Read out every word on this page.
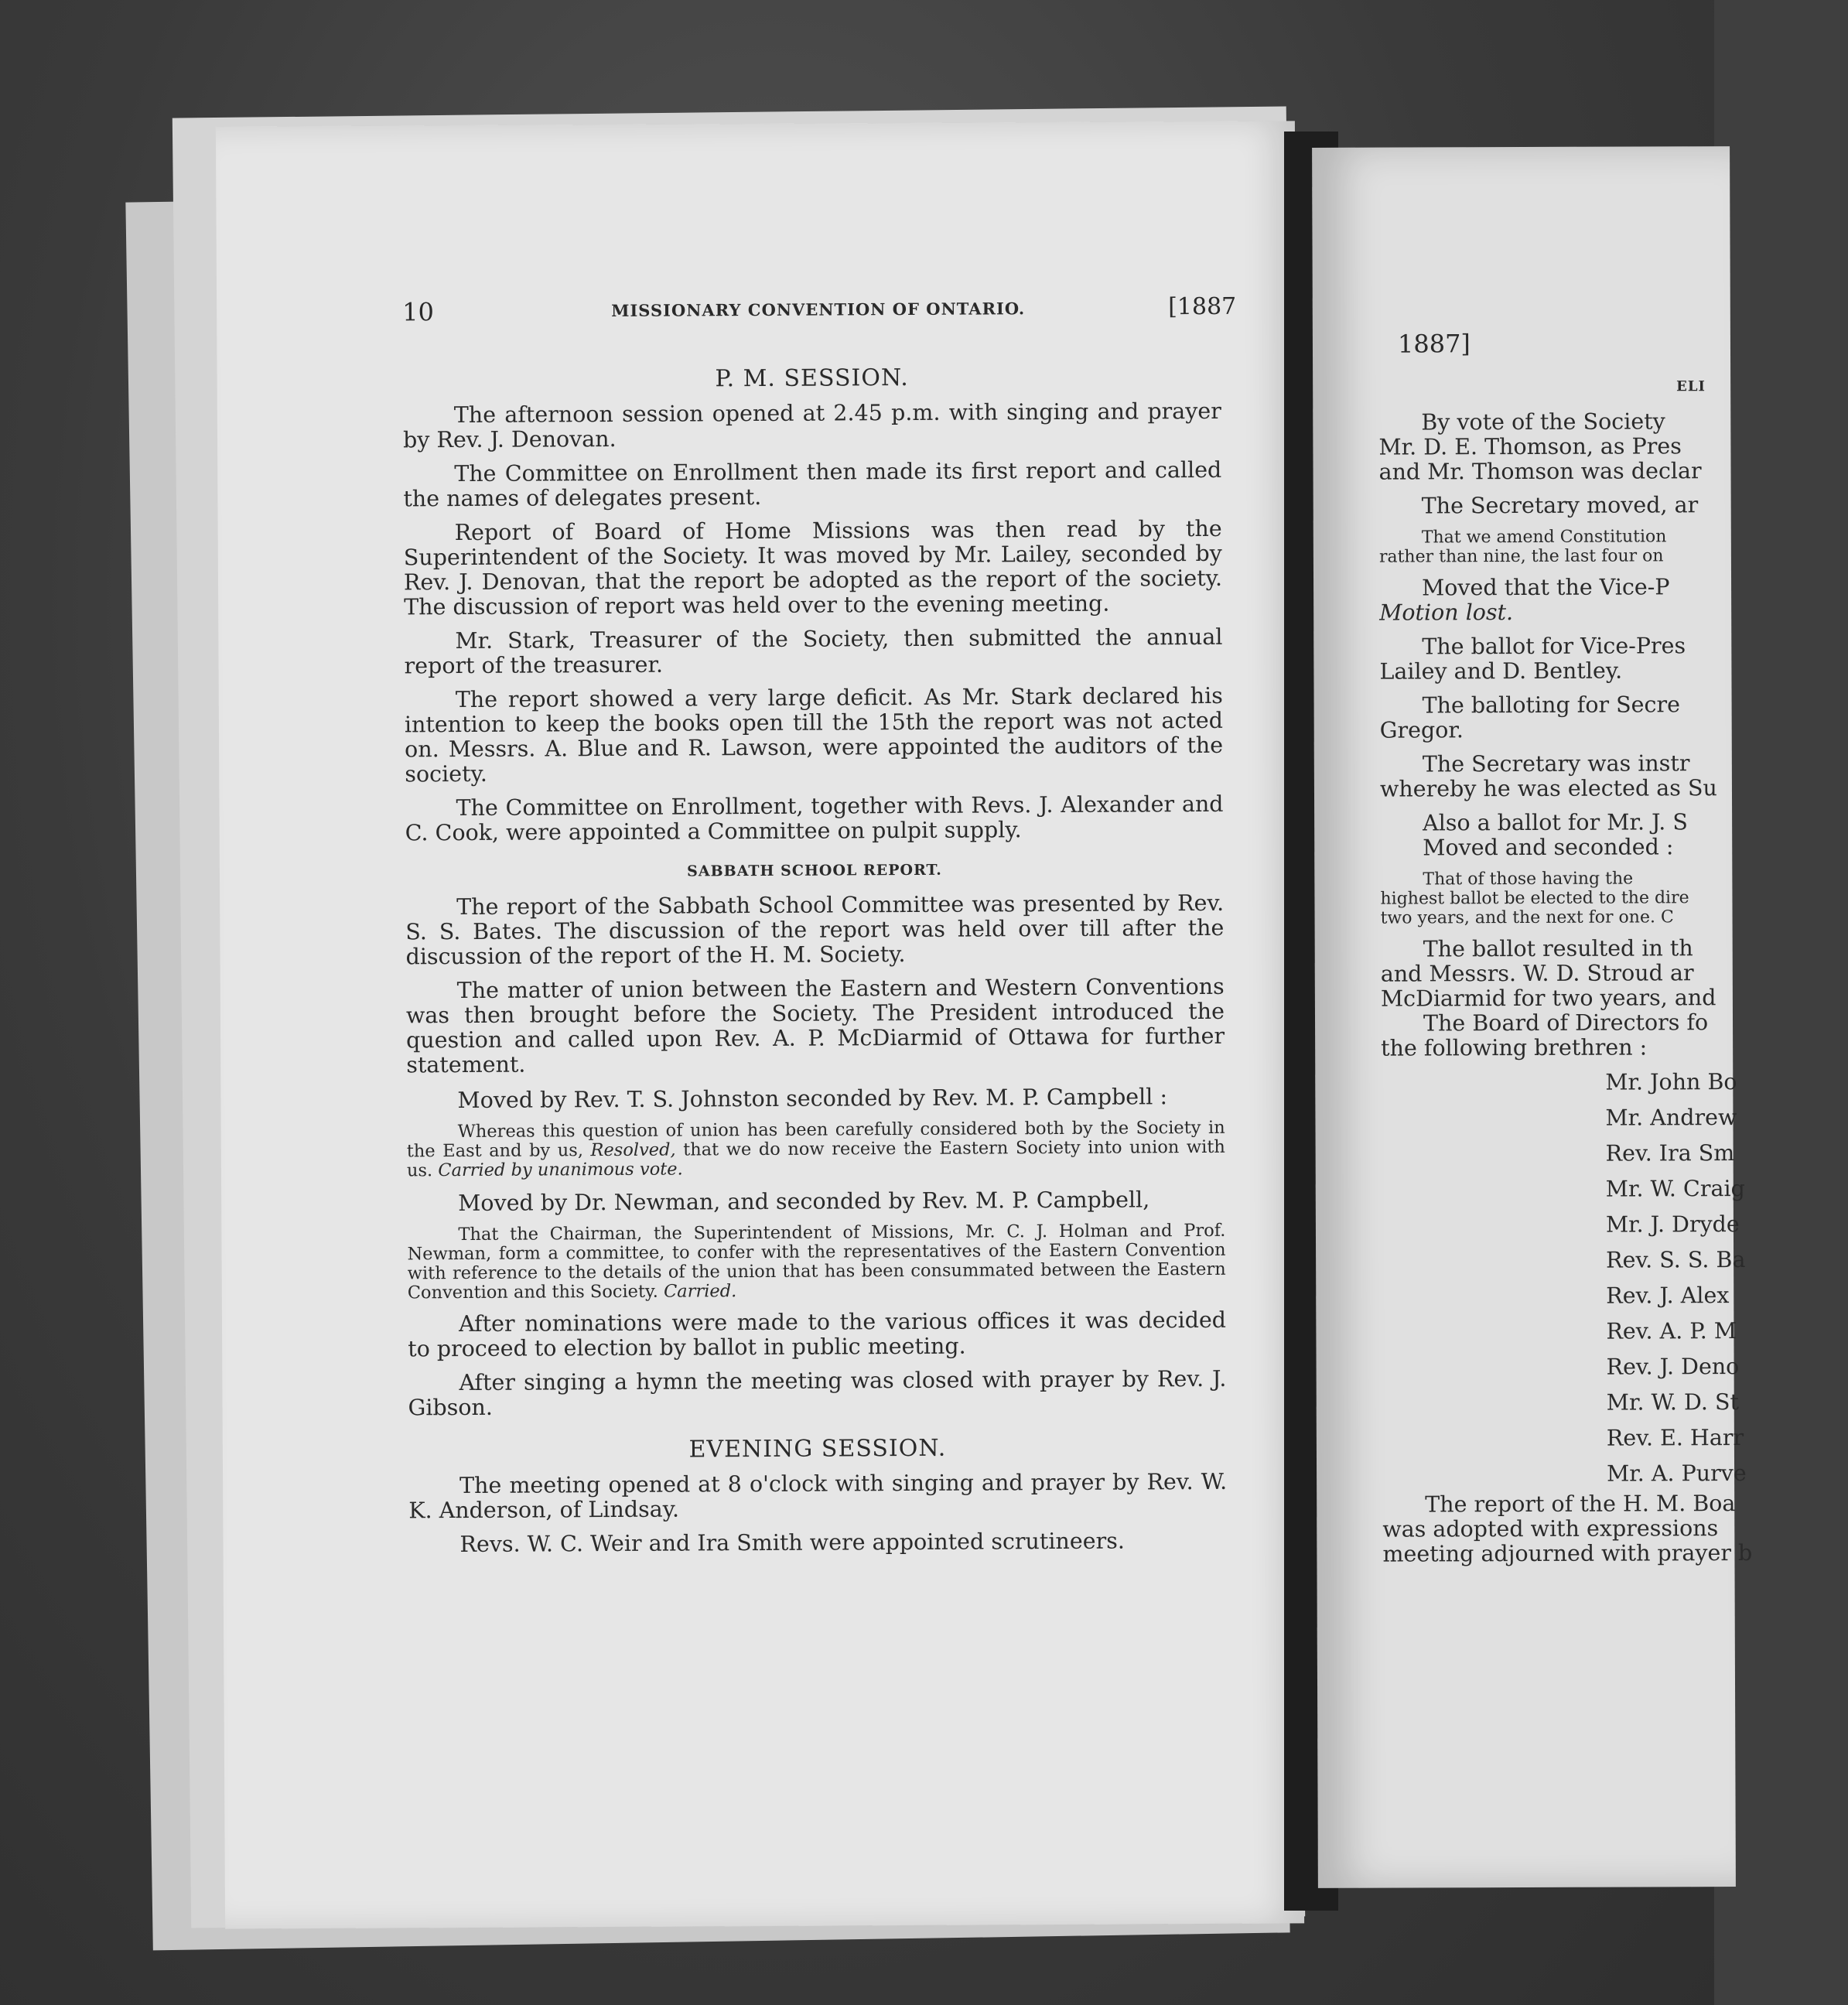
10	MISSIONARY CONVENTION OF ONTARIO.	[1887
P. M. SESSION.

The afternoon session opened at 2.45 p.m. with singing and prayer by Rev. J. Denovan.

The Committee on Enrollment then made its first report and called the names of delegates present.

Report of Board of Home Missions was then read by the Superintendent of the Society. It was moved by Mr. Lailey, seconded by Rev. J. Denovan, that the report be adopted as the report of the society. The discussion of report was held over to the evening meeting.

Mr. Stark, Treasurer of the Society, then submitted the annual report of the treasurer.

The report showed a very large deficit. As Mr. Stark declared his intention to keep the books open till the 15th the report was not acted on. Messrs. A. Blue and R. Lawson, were appointed the auditors of the society.

The Committee on Enrollment, together with Revs. J. Alexander and C. Cook, were appointed a Committee on pulpit supply.

SABBATH SCHOOL REPORT.

The report of the Sabbath School Committee was presented by Rev. S. S. Bates. The discussion of the report was held over till after the discussion of the report of the H. M. Society.

The matter of union between the Eastern and Western Conventions was then brought before the Society. The President introduced the question and called upon Rev. A. P. McDiarmid of Ottawa for further statement.

Moved by Rev. T. S. Johnston seconded by Rev. M. P. Campbell :

Whereas this question of union has been carefully considered both by the Society in the East and by us, Resolved, that we do now receive the Eastern Society into union with us. Carried by unanimous vote.

Moved by Dr. Newman, and seconded by Rev. M. P. Campbell,

That the Chairman, the Superintendent of Missions, Mr. C. J. Holman and Prof. Newman, form a committee, to confer with the representatives of the Eastern Convention with reference to the details of the union that has been consummated between the Eastern Convention and this Society. Carried.

After nominations were made to the various offices it was decided to proceed to election by ballot in public meeting.

After singing a hymn the meeting was closed with prayer by Rev. J. Gibson.

EVENING SESSION.

The meeting opened at 8 o'clock with singing and prayer by Rev. W. K. Anderson, of Lindsay.

Revs. W. C. Weir and Ira Smith were appointed scrutineers.

1887]
ELI

By vote of the Society

Mr. D. E. Thomson, as Pres

and Mr. Thomson was declar

The Secretary moved, ar

That we amend Constitution

rather than nine, the last four on

Moved that the Vice-P

Motion lost.

The ballot for Vice-Pres

Lailey and D. Bentley.

The balloting for Secre

Gregor.

The Secretary was instr

whereby he was elected as Su

Also a ballot for Mr. J. S

Moved and seconded :

That of those having the

highest ballot be elected to the dire

two years, and the next for one. C

The ballot resulted in th

and Messrs. W. D. Stroud ar

McDiarmid for two years, and

The Board of Directors fo

the following brethren :

Mr. John Bo

Mr. Andrew

Rev. Ira Sm

Mr. W. Craig

Mr. J. Dryde

Rev. S. S. Ba

Rev. J. Alex

Rev. A. P. M

Rev. J. Deno

Mr. W. D. St

Rev. E. Harr

Mr. A. Purve

The report of the H. M. Boa

was adopted with expressions

meeting adjourned with prayer b
